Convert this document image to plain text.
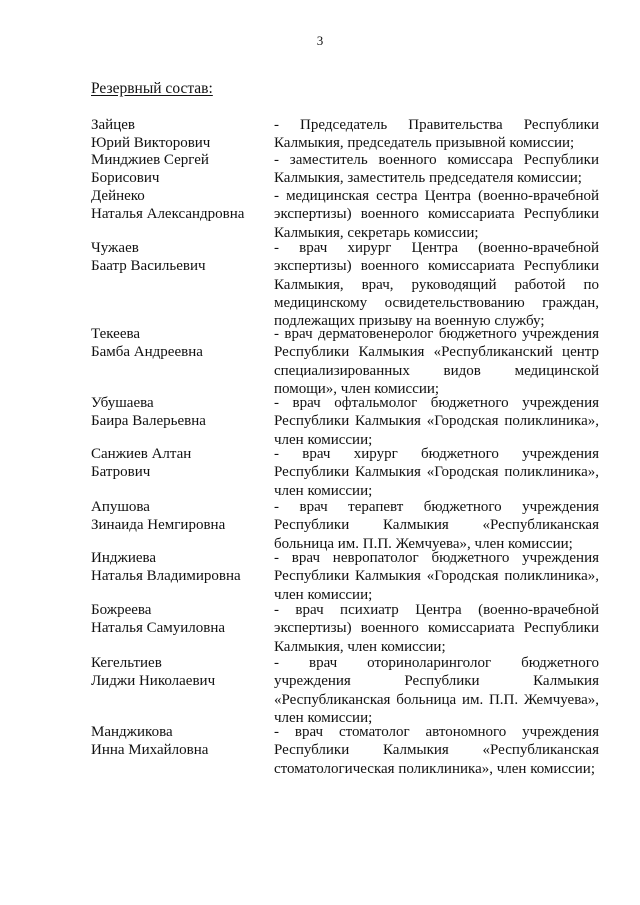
3
Резервный состав:
Зайцев
Юрий Викторович
- Председатель Правительства Республики Калмыкия, председатель призывной комиссии;
Минджиев Сергей
Борисович
- заместитель военного комиссара Республики Калмыкия, заместитель председателя комиссии;
Дейнеко
Наталья Александровна
- медицинская сестра Центра (военно-врачебной экспертизы) военного комиссариата Республики Калмыкия, секретарь комиссии;
Чужаев
Баатр Васильевич
- врач хирург Центра (военно-врачебной экспертизы) военного комиссариата Республики Калмыкия, врач, руководящий работой по медицинскому освидетельствованию граждан, подлежащих призыву на военную службу;
Текеева
Бамба Андреевна
- врач дерматовенеролог бюджетного учреждения Республики Калмыкия «Республиканский центр специализированных видов медицинской помощи», член комиссии;
Убушаева
Баира Валерьевна
- врач офтальмолог бюджетного учреждения Республики Калмыкия «Городская поликлиника», член комиссии;
Санжиев Алтан
Батрович
- врач хирург бюджетного учреждения Республики Калмыкия «Городская поликлиника», член комиссии;
Апушова
Зинаида Немгировна
- врач терапевт бюджетного учреждения Республики Калмыкия «Республиканская больница им. П.П. Жемчуева», член комиссии;
Инджиева
Наталья Владимировна
- врач невропатолог бюджетного учреждения Республики Калмыкия «Городская поликлиника», член комиссии;
Божреева
Наталья Самуиловна
- врач психиатр Центра (военно-врачебной экспертизы) военного комиссариата Республики Калмыкия, член комиссии;
Кегельтиев
Лиджи Николаевич
- врач оториноларинголог бюджетного учреждения Республики Калмыкия «Республиканская больница им. П.П. Жемчуева», член комиссии;
Манджикова
Инна Михайловна
- врач стоматолог автономного учреждения Республики Калмыкия «Республиканская стоматологическая поликлиника», член комиссии;
